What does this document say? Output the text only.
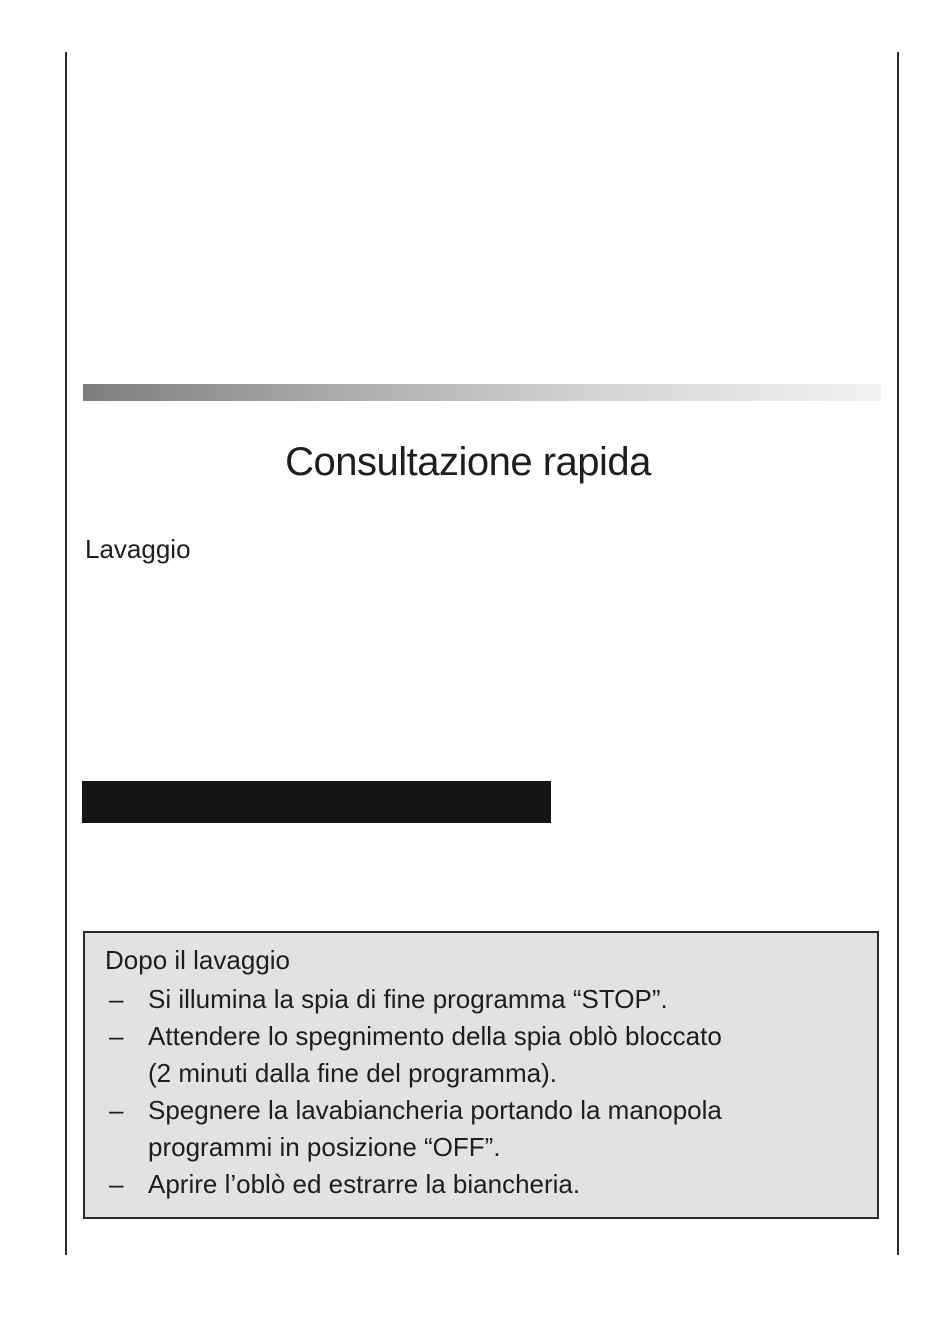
Consultazione rapida
Lavaggio
Dopo il lavaggio
– Si illumina la spia di fine programma “STOP”.
– Attendere lo spegnimento della spia oblò bloccato
(2 minuti dalla fine del programma).
– Spegnere la lavabiancheria portando la manopola
programmi in posizione “OFF”.
– Aprire l’oblò ed estrarre la biancheria.
